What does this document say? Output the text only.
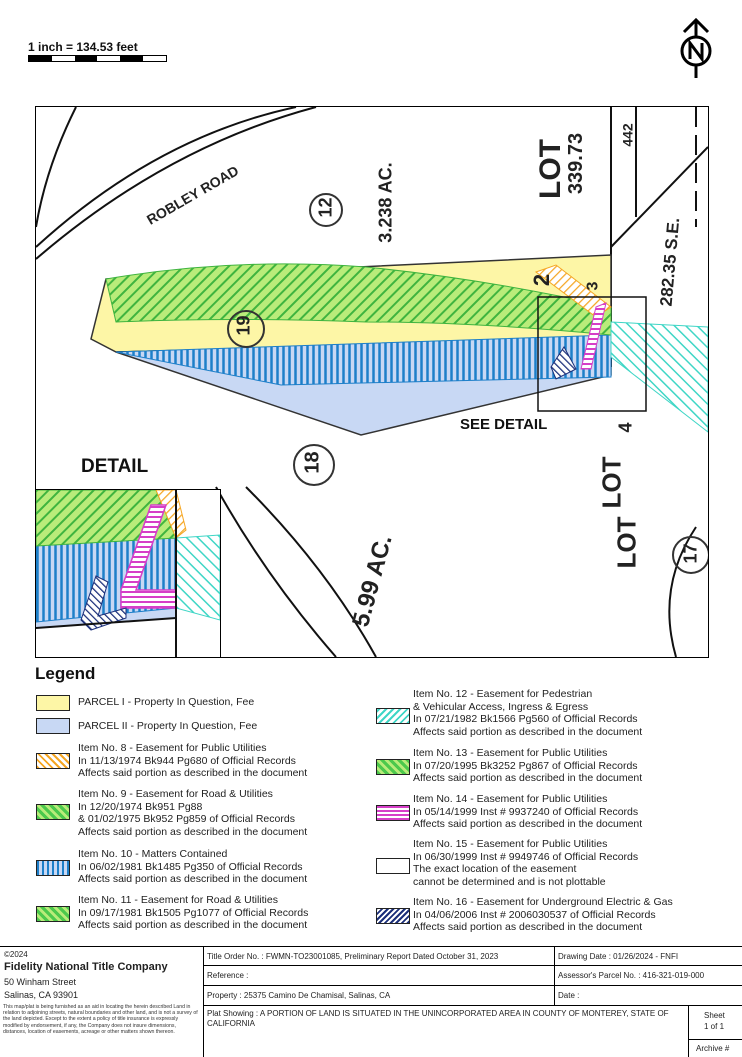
1 inch = 134.53 feet
ROBLEY ROAD	12
19
18
17
3.238 AC.
5.99 AC.
LOT
LOT
LOT
339.73
282.35 S.E.
442
2 3
4
DETAIL
SEE DETAIL
Legend
PARCEL I - Property In Question, Fee
PARCEL II - Property In Question, Fee
Item No. 8 - Easement for Public Utilities
In 11/13/1974 Bk944 Pg680 of Official Records
Affects said portion as described in the document
Item No. 9 - Easement for Road & Utilities
In 12/20/1974 Bk951 Pg88
& 01/02/1975 Bk952 Pg859 of Official Records
Affects said portion as described in the document
Item No. 10 - Matters Contained
In 06/02/1981 Bk1485 Pg350 of Official Records
Affects said portion as described in the document
Item No. 11 - Easement for Road & Utilities
In 09/17/1981 Bk1505 Pg1077 of Official Records
Affects said portion as described in the document
Item No. 12 - Easement for Pedestrian
& Vehicular Access, Ingress & Egress
In 07/21/1982 Bk1566 Pg560 of Official Records
Affects said portion as described in the document
Item No. 13 - Easement for Public Utilities
In 07/20/1995 Bk3252 Pg867 of Official Records
Affects said portion as described in the document
Item No. 14 - Easement for Public Utilities
In 05/14/1999 Inst # 9937240 of Official Records
Affects said portion as described in the document
Item No. 15 - Easement for Public Utilities
In 06/30/1999 Inst # 9949746 of Official Records
The exact location of the easement
cannot be determined and is not plottable
Item No. 16 - Easement for Underground Electric & Gas
In 04/06/2006 Inst # 2006030537 of Official Records
Affects said portion as described in the document
©2024
Fidelity National Title Company
50 Winham Street
Salinas, CA 93901
This map/plat is being furnished as an aid in locating the herein described Land in relation to adjoining streets, natural boundaries and other land, and is not a survey of the land depicted. Except to the extent a policy of title insurance is expressly modified by endorsement, if any, the Company does not insure dimensions, distances, location of easements, acreage or other matters shown thereon.
Title Order No. : FWMN-TO23001085, Preliminary Report Dated October 31, 2023
Reference :
Property : 25375 Camino De Chamisal, Salinas, CA
Plat Showing : A PORTION OF LAND IS SITUATED IN THE UNINCORPORATED AREA IN COUNTY OF MONTEREY, STATE OF CALIFORNIA
Drawing Date : 01/26/2024 - FNFI
Assessor's Parcel No. : 416-321-019-000
Date :
Sheet
1 of 1
Archive #
